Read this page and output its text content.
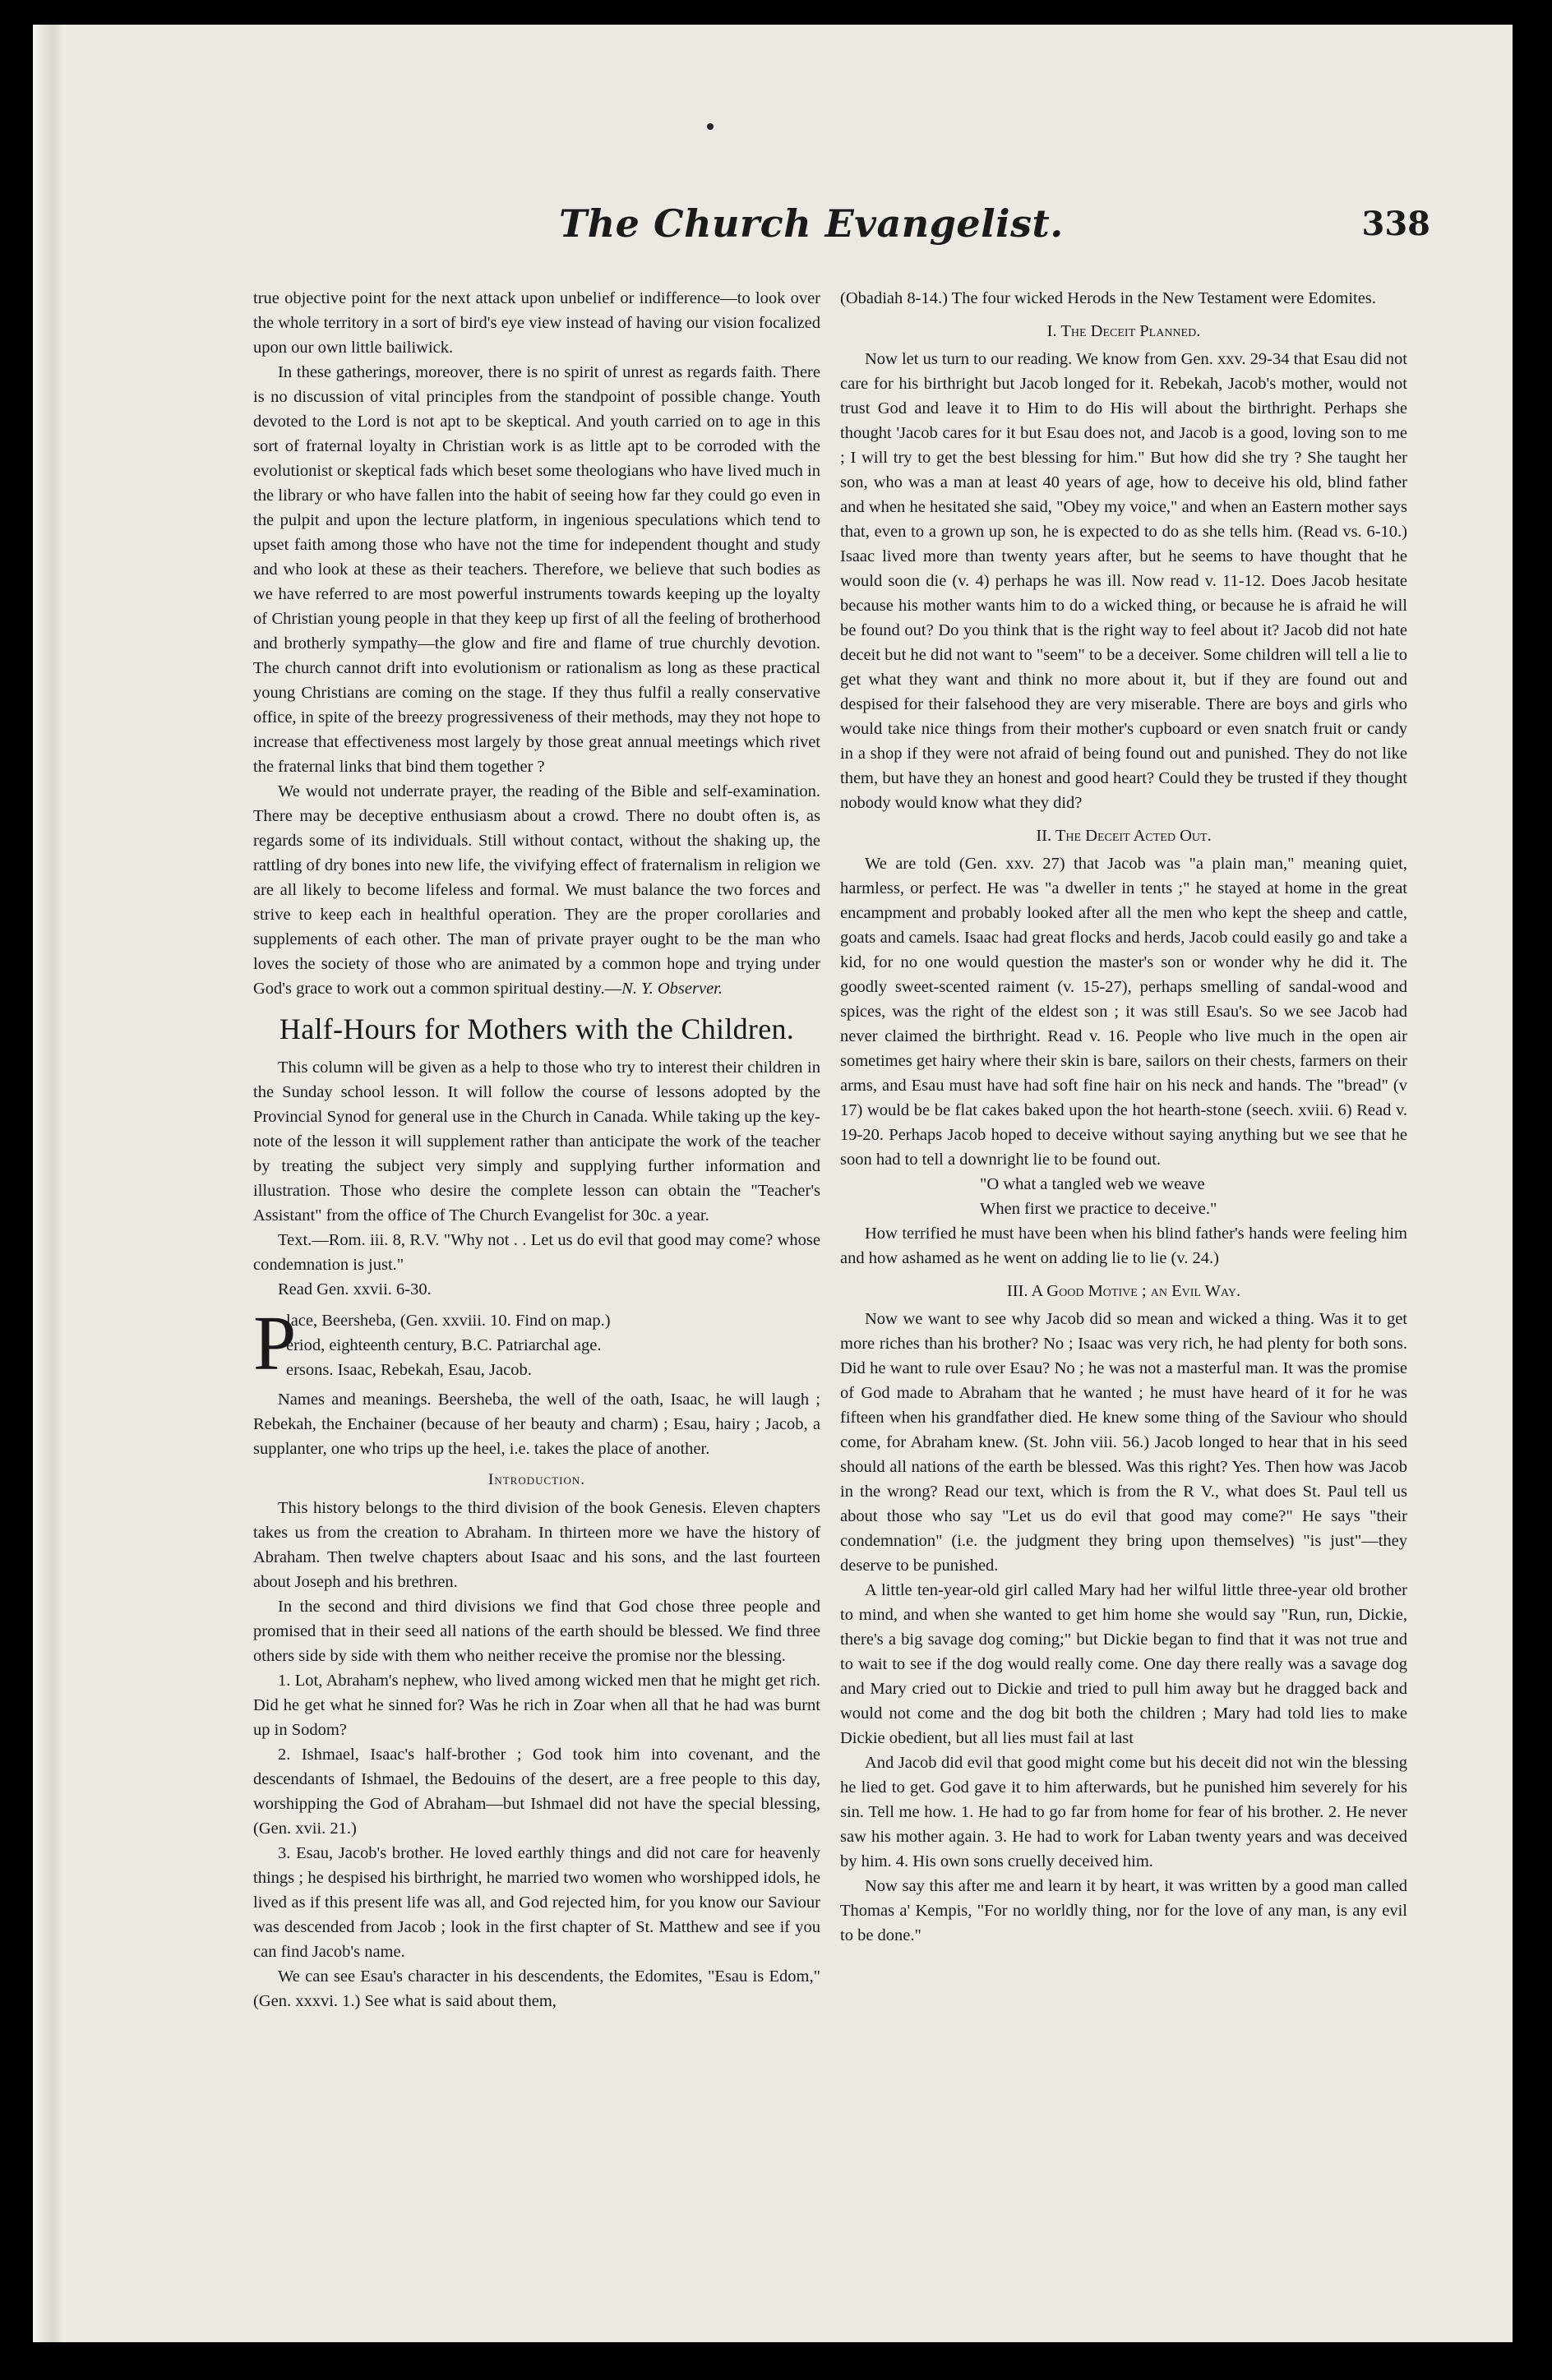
The Church Evangelist.	338

true objective point for the next attack upon unbelief or indifference—to look over the whole territory in a sort of bird's eye view instead of having our vision focalized upon our own little bailiwick.

In these gatherings, moreover, there is no spirit of unrest as regards faith. There is no discussion of vital principles from the standpoint of possible change. Youth devoted to the Lord is not apt to be skeptical. And youth carried on to age in this sort of fraternal loyalty in Christian work is as little apt to be corroded with the evolutionist or skeptical fads which beset some theologians who have lived much in the library or who have fallen into the habit of seeing how far they could go even in the pulpit and upon the lecture platform, in ingenious speculations which tend to upset faith among those who have not the time for independent thought and study and who look at these as their teachers. Therefore, we believe that such bodies as we have referred to are most powerful instruments towards keeping up the loyalty of Christian young people in that they keep up first of all the feeling of brotherhood and brotherly sympathy—the glow and fire and flame of true churchly devotion. The church cannot drift into evolutionism or rationalism as long as these practical young Christians are coming on the stage. If they thus fulfil a really conservative office, in spite of the breezy progressiveness of their methods, may they not hope to increase that effectiveness most largely by those great annual meetings which rivet the fraternal links that bind them together ?

We would not underrate prayer, the reading of the Bible and self-examination. There may be deceptive enthusiasm about a crowd. There no doubt often is, as regards some of its individuals. Still without contact, without the shaking up, the rattling of dry bones into new life, the vivifying effect of fraternalism in religion we are all likely to become lifeless and formal. We must balance the two forces and strive to keep each in healthful operation. They are the proper corollaries and supplements of each other. The man of private prayer ought to be the man who loves the society of those who are animated by a common hope and trying under God's grace to work out a common spiritual destiny.—N. Y. Observer.

Half-Hours for Mothers with the Children.

This column will be given as a help to those who try to interest their children in the Sunday school lesson. It will follow the course of lessons adopted by the Provincial Synod for general use in the Church in Canada. While taking up the key-note of the lesson it will supplement rather than anticipate the work of the teacher by treating the subject very simply and supplying further information and illustration. Those who desire the complete lesson can obtain the "Teacher's Assistant" from the office of The Church Evangelist for 30c. a year.

Text.—Rom. iii. 8, R.V. "Why not . . Let us do evil that good may come? whose condemnation is just."

Read Gen. xxvii. 6-30.

P
lace, Beersheba, (Gen. xxviii. 10. Find on map.)
eriod, eighteenth century, B.C. Patriarchal age.
ersons. Isaac, Rebekah, Esau, Jacob.

Names and meanings. Beersheba, the well of the oath, Isaac, he will laugh ; Rebekah, the Enchainer (because of her beauty and charm) ; Esau, hairy ; Jacob, a supplanter, one who trips up the heel, i.e. takes the place of another.

Introduction.

This history belongs to the third division of the book Genesis. Eleven chapters takes us from the creation to Abraham. In thirteen more we have the history of Abraham. Then twelve chapters about Isaac and his sons, and the last fourteen about Joseph and his brethren.

In the second and third divisions we find that God chose three people and promised that in their seed all nations of the earth should be blessed. We find three others side by side with them who neither receive the promise nor the blessing.

1. Lot, Abraham's nephew, who lived among wicked men that he might get rich. Did he get what he sinned for? Was he rich in Zoar when all that he had was burnt up in Sodom?

2. Ishmael, Isaac's half-brother ; God took him into covenant, and the descendants of Ishmael, the Bedouins of the desert, are a free people to this day, worshipping the God of Abraham—but Ishmael did not have the special blessing, (Gen. xvii. 21.)

3. Esau, Jacob's brother. He loved earthly things and did not care for heavenly things ; he despised his birthright, he married two women who worshipped idols, he lived as if this present life was all, and God rejected him, for you know our Saviour was descended from Jacob ; look in the first chapter of St. Matthew and see if you can find Jacob's name.

We can see Esau's character in his descendents, the Edomites, "Esau is Edom," (Gen. xxxvi. 1.) See what is said about them,

(Obadiah 8-14.) The four wicked Herods in the New Testament were Edomites.

I. The Deceit Planned.

Now let us turn to our reading. We know from Gen. xxv. 29-34 that Esau did not care for his birthright but Jacob longed for it. Rebekah, Jacob's mother, would not trust God and leave it to Him to do His will about the birthright. Perhaps she thought 'Jacob cares for it but Esau does not, and Jacob is a good, loving son to me ; I will try to get the best blessing for him." But how did she try ? She taught her son, who was a man at least 40 years of age, how to deceive his old, blind father and when he hesitated she said, "Obey my voice," and when an Eastern mother says that, even to a grown up son, he is expected to do as she tells him. (Read vs. 6-10.) Isaac lived more than twenty years after, but he seems to have thought that he would soon die (v. 4) perhaps he was ill. Now read v. 11-12. Does Jacob hesitate because his mother wants him to do a wicked thing, or because he is afraid he will be found out? Do you think that is the right way to feel about it? Jacob did not hate deceit but he did not want to "seem" to be a deceiver. Some children will tell a lie to get what they want and think no more about it, but if they are found out and despised for their falsehood they are very miserable. There are boys and girls who would take nice things from their mother's cupboard or even snatch fruit or candy in a shop if they were not afraid of being found out and punished. They do not like them, but have they an honest and good heart? Could they be trusted if they thought nobody would know what they did?

II. The Deceit Acted Out.

We are told (Gen. xxv. 27) that Jacob was "a plain man," meaning quiet, harmless, or perfect. He was "a dweller in tents ;" he stayed at home in the great encampment and probably looked after all the men who kept the sheep and cattle, goats and camels. Isaac had great flocks and herds, Jacob could easily go and take a kid, for no one would question the master's son or wonder why he did it. The goodly sweet-scented raiment (v. 15-27), perhaps smelling of sandal-wood and spices, was the right of the eldest son ; it was still Esau's. So we see Jacob had never claimed the birthright. Read v. 16. People who live much in the open air sometimes get hairy where their skin is bare, sailors on their chests, farmers on their arms, and Esau must have had soft fine hair on his neck and hands. The "bread" (v 17) would be be flat cakes baked upon the hot hearth-stone (seech. xviii. 6) Read v. 19-20. Perhaps Jacob hoped to deceive without saying anything but we see that he soon had to tell a downright lie to be found out.

"O what a tangled web we weave

When first we practice to deceive."

How terrified he must have been when his blind father's hands were feeling him and how ashamed as he went on adding lie to lie (v. 24.)

III. A Good Motive ; an Evil Way.

Now we want to see why Jacob did so mean and wicked a thing. Was it to get more riches than his brother? No ; Isaac was very rich, he had plenty for both sons. Did he want to rule over Esau? No ; he was not a masterful man. It was the promise of God made to Abraham that he wanted ; he must have heard of it for he was fifteen when his grandfather died. He knew some thing of the Saviour who should come, for Abraham knew. (St. John viii. 56.) Jacob longed to hear that in his seed should all nations of the earth be blessed. Was this right? Yes. Then how was Jacob in the wrong? Read our text, which is from the R V., what does St. Paul tell us about those who say "Let us do evil that good may come?" He says "their condemnation" (i.e. the judgment they bring upon themselves) "is just"—they deserve to be punished.

A little ten-year-old girl called Mary had her wilful little three-year old brother to mind, and when she wanted to get him home she would say "Run, run, Dickie, there's a big savage dog coming;" but Dickie began to find that it was not true and to wait to see if the dog would really come. One day there really was a savage dog and Mary cried out to Dickie and tried to pull him away but he dragged back and would not come and the dog bit both the children ; Mary had told lies to make Dickie obedient, but all lies must fail at last

And Jacob did evil that good might come but his deceit did not win the blessing he lied to get. God gave it to him afterwards, but he punished him severely for his sin. Tell me how. 1. He had to go far from home for fear of his brother. 2. He never saw his mother again. 3. He had to work for Laban twenty years and was deceived by him. 4. His own sons cruelly deceived him.

Now say this after me and learn it by heart, it was written by a good man called Thomas a' Kempis, "For no worldly thing, nor for the love of any man, is any evil to be done."
